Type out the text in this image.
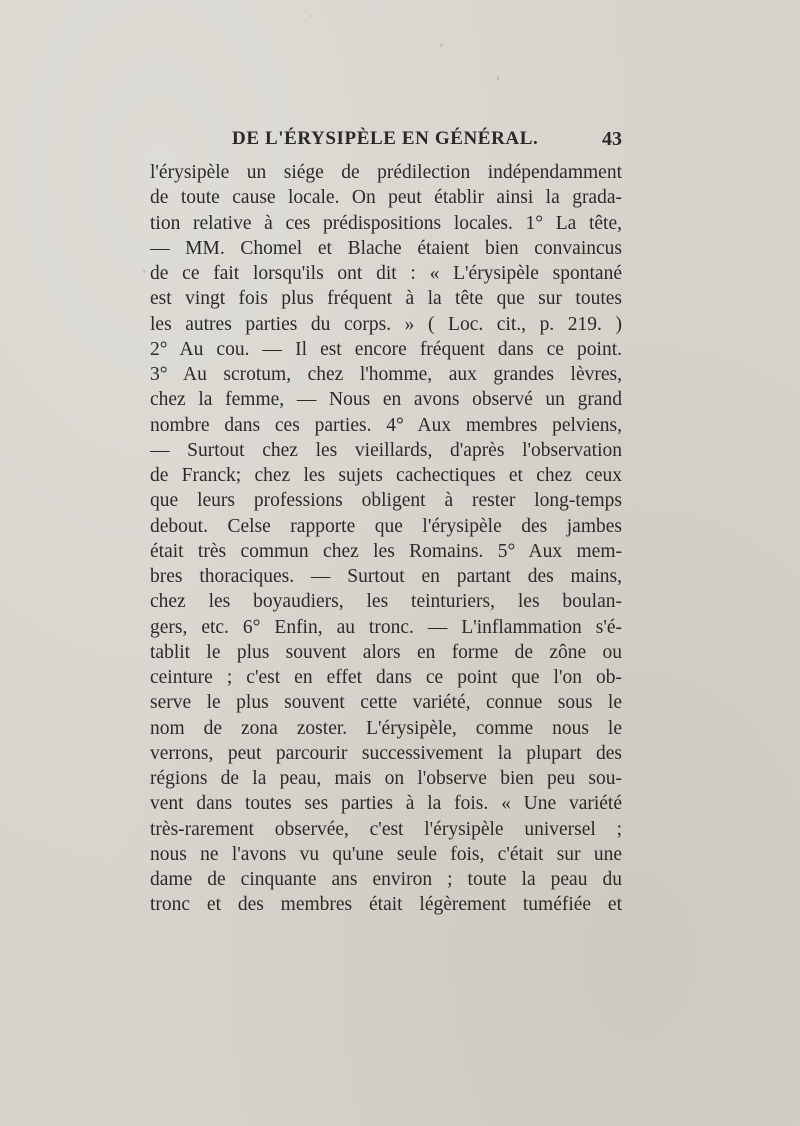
DE L'ÉRYSIPÈLE EN GÉNÉRAL.	43
l'érysipèle un siége de prédilection indépendamment
de toute cause locale. On peut établir ainsi la grada-
tion relative à ces prédispositions locales. 1° La tête,
— MM. Chomel et Blache étaient bien convaincus
de ce fait lorsqu'ils ont dit : « L'érysipèle spontané
est vingt fois plus fréquent à la tête que sur toutes
les autres parties du corps. » ( Loc. cit., p. 219. )
2° Au cou. — Il est encore fréquent dans ce point.
3° Au scrotum, chez l'homme, aux grandes lèvres,
chez la femme, — Nous en avons observé un grand
nombre dans ces parties. 4° Aux membres pelviens,
— Surtout chez les vieillards, d'après l'observation
de Franck; chez les sujets cachectiques et chez ceux
que leurs professions obligent à rester long-temps
debout. Celse rapporte que l'érysipèle des jambes
était très commun chez les Romains. 5° Aux mem-
bres thoraciques. — Surtout en partant des mains,
chez les boyaudiers, les teinturiers, les boulan-
gers, etc. 6° Enfin, au tronc. — L'inflammation s'é-
tablit le plus souvent alors en forme de zône ou
ceinture ; c'est en effet dans ce point que l'on ob-
serve le plus souvent cette variété, connue sous le
nom de zona zoster. L'érysipèle, comme nous le
verrons, peut parcourir successivement la plupart des
régions de la peau, mais on l'observe bien peu sou-
vent dans toutes ses parties à la fois. « Une variété
très-rarement observée, c'est l'érysipèle universel ;
nous ne l'avons vu qu'une seule fois, c'était sur une
dame de cinquante ans environ ; toute la peau du
tronc et des membres était légèrement tuméfiée et
